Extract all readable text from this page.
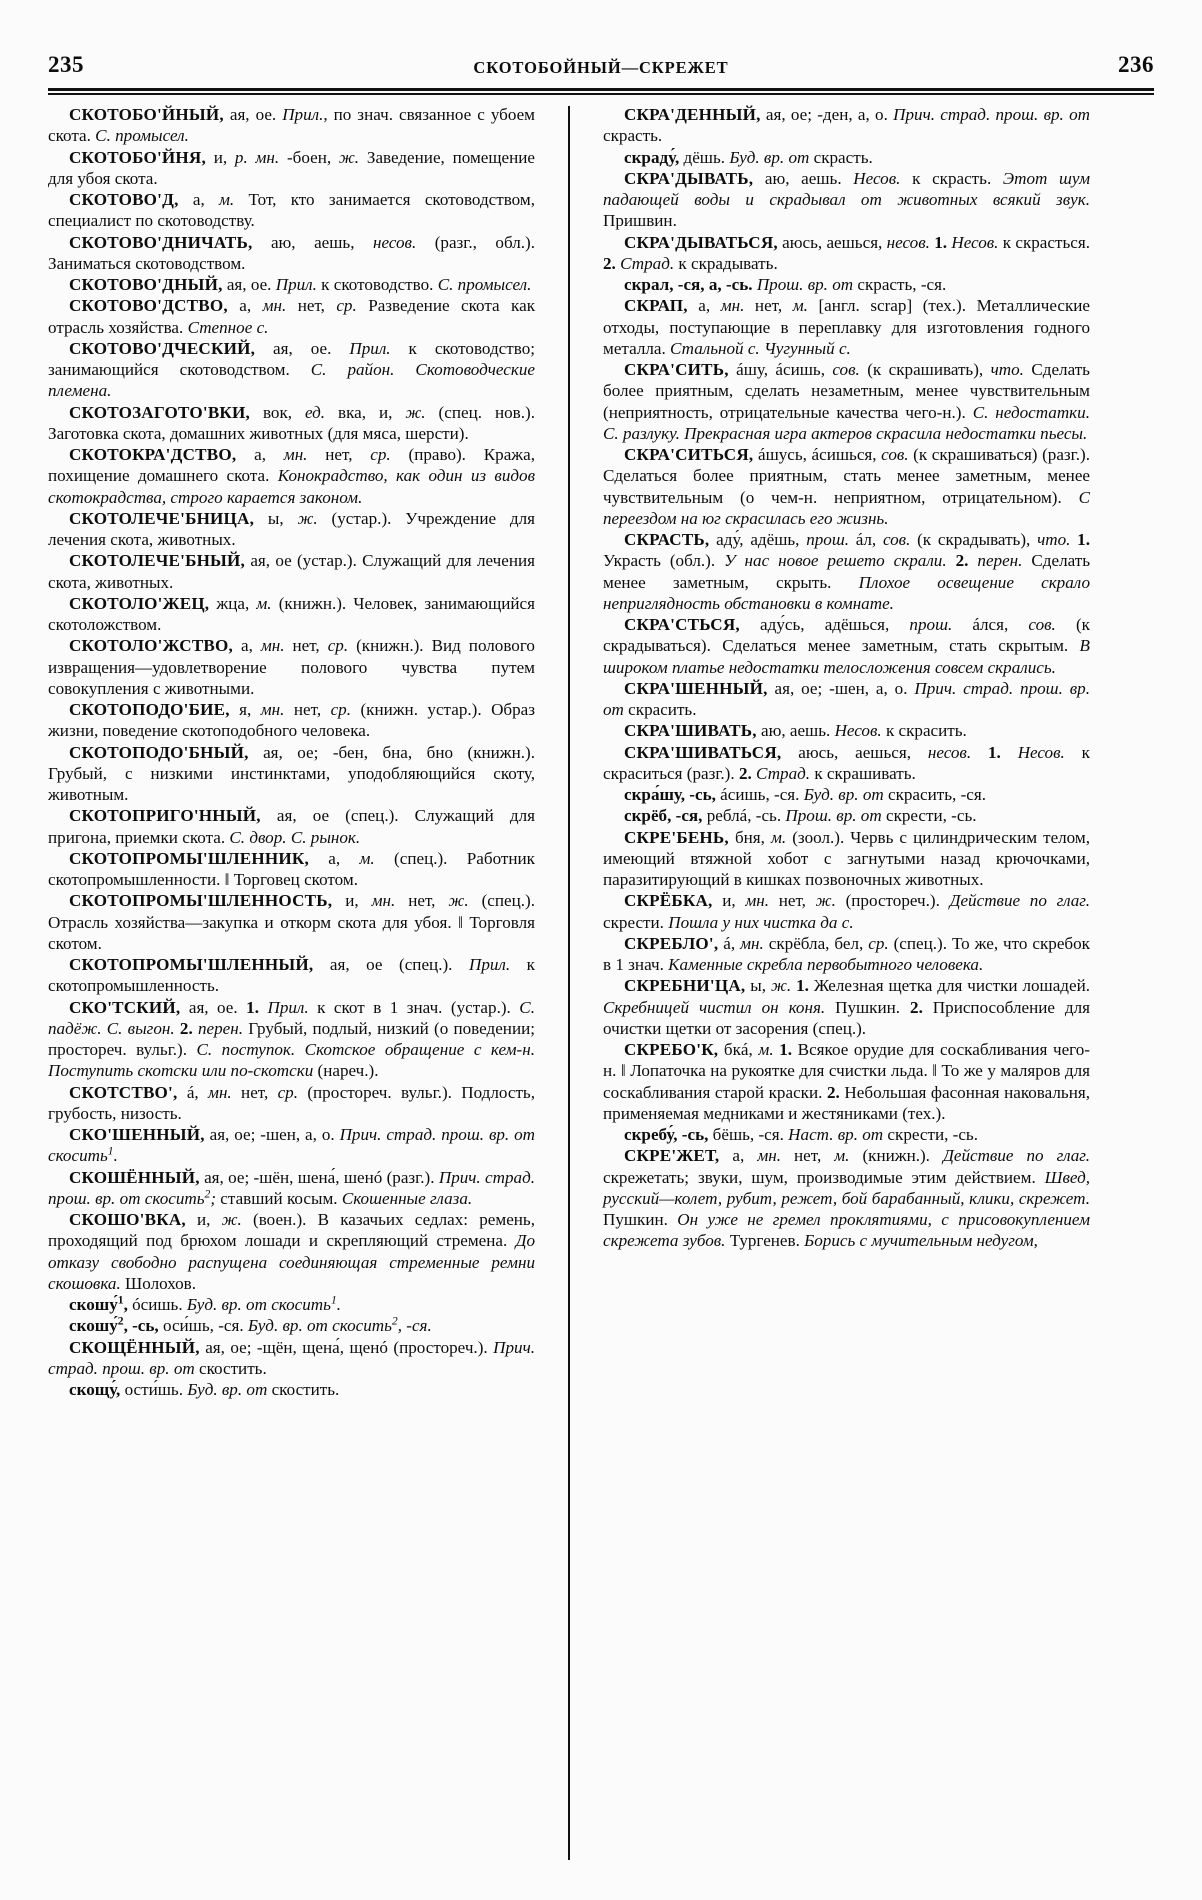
235	СКОТОБОЙНЫЙ—СКРЕЖЕТ	236

СКОТОБО'ЙНЫЙ, ая, ое. Прил., по знач. связанное с убоем скота. С. промысел.

СКОТОБО'ЙНЯ, и, р. мн. -боен, ж. Заведение, помещение для убоя скота.

СКОТОВО'Д, а, м. Тот, кто занимается скотоводством, специалист по скотоводству.

СКОТОВО'ДНИЧАТЬ, аю, аешь, несов. (разг., обл.). Заниматься скотоводством.

СКОТОВО'ДНЫЙ, ая, ое. Прил. к скотоводство. С. промысел.

СКОТОВО'ДСТВО, а, мн. нет, ср. Разведение скота как отрасль хозяйства. Степное с.

СКОТОВО'ДЧЕСКИЙ, ая, ое. Прил. к скотоводство; занимающийся скотоводством. С. район. Скотоводческие племена.

СКОТОЗАГОТО'ВКИ, вок, ед. вка, и, ж. (спец. нов.). Заготовка скота, домашних животных (для мяса, шерсти).

СКОТОКРА'ДСТВО, а, мн. нет, ср. (право). Кража, похищение домашнего скота. Конокрадство, как один из видов скотокрадства, строго карается законом.

СКОТОЛЕЧЕ'БНИЦА, ы, ж. (устар.). Учреждение для лечения скота, животных.

СКОТОЛЕЧЕ'БНЫЙ, ая, ое (устар.). Служащий для лечения скота, животных.

СКОТОЛО'ЖЕЦ, жца, м. (книжн.). Человек, занимающийся скотоложством.

СКОТОЛО'ЖСТВО, а, мн. нет, ср. (книжн.). Вид полового извращения—удовлетворение полового чувства путем совокупления с животными.

СКОТОПОДО'БИЕ, я, мн. нет, ср. (книжн. устар.). Образ жизни, поведение скотоподобного человека.

СКОТОПОДО'БНЫЙ, ая, ое; -бен, бна, бно (книжн.). Грубый, с низкими инстинктами, уподобляющийся скоту, животным.

СКОТОПРИГО'ННЫЙ, ая, ое (спец.). Служащий для пригона, приемки скота. С. двор. С. рынок.

СКОТОПРОМЫ'ШЛЕННИК, а, м. (спец.). Работник скотопромышленности. ‖ Торговец скотом.

СКОТОПРОМЫ'ШЛЕННОСТЬ, и, мн. нет, ж. (спец.). Отрасль хозяйства—закупка и откорм скота для убоя. ‖ Торговля скотом.

СКОТОПРОМЫ'ШЛЕННЫЙ, ая, ое (спец.). Прил. к скотопромышленность.

СКО'ТСКИЙ, ая, ое. 1. Прил. к скот в 1 знач. (устар.). С. падёж. С. выгон. 2. перен. Грубый, подлый, низкий (о поведении; простореч. вульг.). С. поступок. Скотское обращение с кем-н. Поступить скотски или по-скотски (нареч.).

СКОТСТВО', á, мн. нет, ср. (простореч. вульг.). Подлость, грубость, низость.

СКО'ШЕННЫЙ, ая, ое; -шен, а, о. Прич. страд. прош. вр. от скосить$^1$.

СКОШЁННЫЙ, ая, ое; -шён, шена́, шенó (разг.). Прич. страд. прош. вр. от скосить$^2$; ставший косым. Скошенные глаза.

СКОШО'ВКА, и, ж. (воен.). В казачьих седлах: ремень, проходящий под брюхом лошади и скрепляющий стремена. До отказу свободно распущена соединяющая стременные ремни скошовка. Шолохов.

скошу́$^1$, óсишь. Буд. вр. от скосить$^1$.

скошу́$^2$, -сь, оси́шь, -ся. Буд. вр. от скосить$^2$, -ся.

СКОЩЁННЫЙ, ая, ое; -щён, щена́, щенó (простореч.). Прич. страд. прош. вр. от скостить.

скощу́, ости́шь. Буд. вр. от скостить.

СКРА'ДЕННЫЙ, ая, ое; -ден, а, о. Прич. страд. прош. вр. от скрасть.

скраду́, дёшь. Буд. вр. от скрасть.

СКРА'ДЫВАТЬ, аю, аешь. Несов. к скрасть. Этот шум падающей воды и скрадывал от животных всякий звук. Пришвин.

СКРА'ДЫВАТЬСЯ, аюсь, аешься, несов. 1. Несов. к скрасться. 2. Страд. к скрадывать.

скрал, -ся, а, -сь. Прош. вр. от скрасть, -ся.

СКРАП, а, мн. нет, м. [англ. scrap] (тех.). Металлические отходы, поступающие в переплавку для изготовления годного металла. Стальной с. Чугунный с.

СКРА'СИТЬ, áшу, áсишь, сов. (к скрашивать), что. Сделать более приятным, сделать незаметным, менее чувствительным (неприятность, отрицательные качества чего-н.). С. недостатки. С. разлуку. Прекрасная игра актеров скрасила недостатки пьесы.

СКРА'СИТЬСЯ, áшусь, áсишься, сов. (к скрашиваться) (разг.). Сделаться более приятным, стать менее заметным, менее чувствительным (о чем-н. неприятном, отрицательном). С переездом на юг скрасилась его жизнь.

СКРАСТЬ, аду́, адёшь, прош. áл, сов. (к скрадывать), что. 1. Украсть (обл.). У нас новое решето скрали. 2. перен. Сделать менее заметным, скрыть. Плохое освещение скрало неприглядность обстановки в комнате.

СКРА'СТЬСЯ, аду́сь, адёшься, прош. áлся, сов. (к скрадываться). Сделаться менее заметным, стать скрытым. В широком платье недостатки телосложения совсем скрались.

СКРА'ШЕННЫЙ, ая, ое; -шен, а, о. Прич. страд. прош. вр. от скрасить.

СКРА'ШИВАТЬ, аю, аешь. Несов. к скрасить.

СКРА'ШИВАТЬСЯ, аюсь, аешься, несов. 1. Несов. к скраситься (разг.). 2. Страд. к скрашивать.

скра́шу, -сь, áсишь, -ся. Буд. вр. от скрасить, -ся.

скрёб, -ся, реблá, -сь. Прош. вр. от скрести, -сь.

СКРЕ'БЕНЬ, бня, м. (зоол.). Червь с цилиндрическим телом, имеющий втяжной хобот с загнутыми назад крючочками, паразитирующий в кишках позвоночных животных.

СКРЁБКА, и, мн. нет, ж. (простореч.). Действие по глаг. скрести. Пошла у них чистка да с.

СКРЕБЛО', á, мн. скрёбла, бел, ср. (спец.). То же, что скребок в 1 знач. Каменные скребла первобытного человека.

СКРЕБНИ'ЦА, ы, ж. 1. Железная щетка для чистки лошадей. Скребницей чистил он коня. Пушкин. 2. Приспособление для очистки щетки от засорения (спец.).

СКРЕБО'К, бкá, м. 1. Всякое орудие для соскабливания чего-н. ‖ Лопаточка на рукоятке для счистки льда. ‖ То же у маляров для соскабливания старой краски. 2. Небольшая фасонная наковальня, применяемая медниками и жестяниками (тех.).

скребу́, -сь, бёшь, -ся. Наст. вр. от скрести, -сь.

СКРЕ'ЖЕТ, а, мн. нет, м. (книжн.). Действие по глаг. скрежетать; звуки, шум, производимые этим действием. Швед, русский—колет, рубит, режет, бой барабанный, клики, скрежет. Пушкин. Он уже не гремел проклятиями, с присовокуплением скрежета зубов. Тургенев. Борись с мучительным недугом,
